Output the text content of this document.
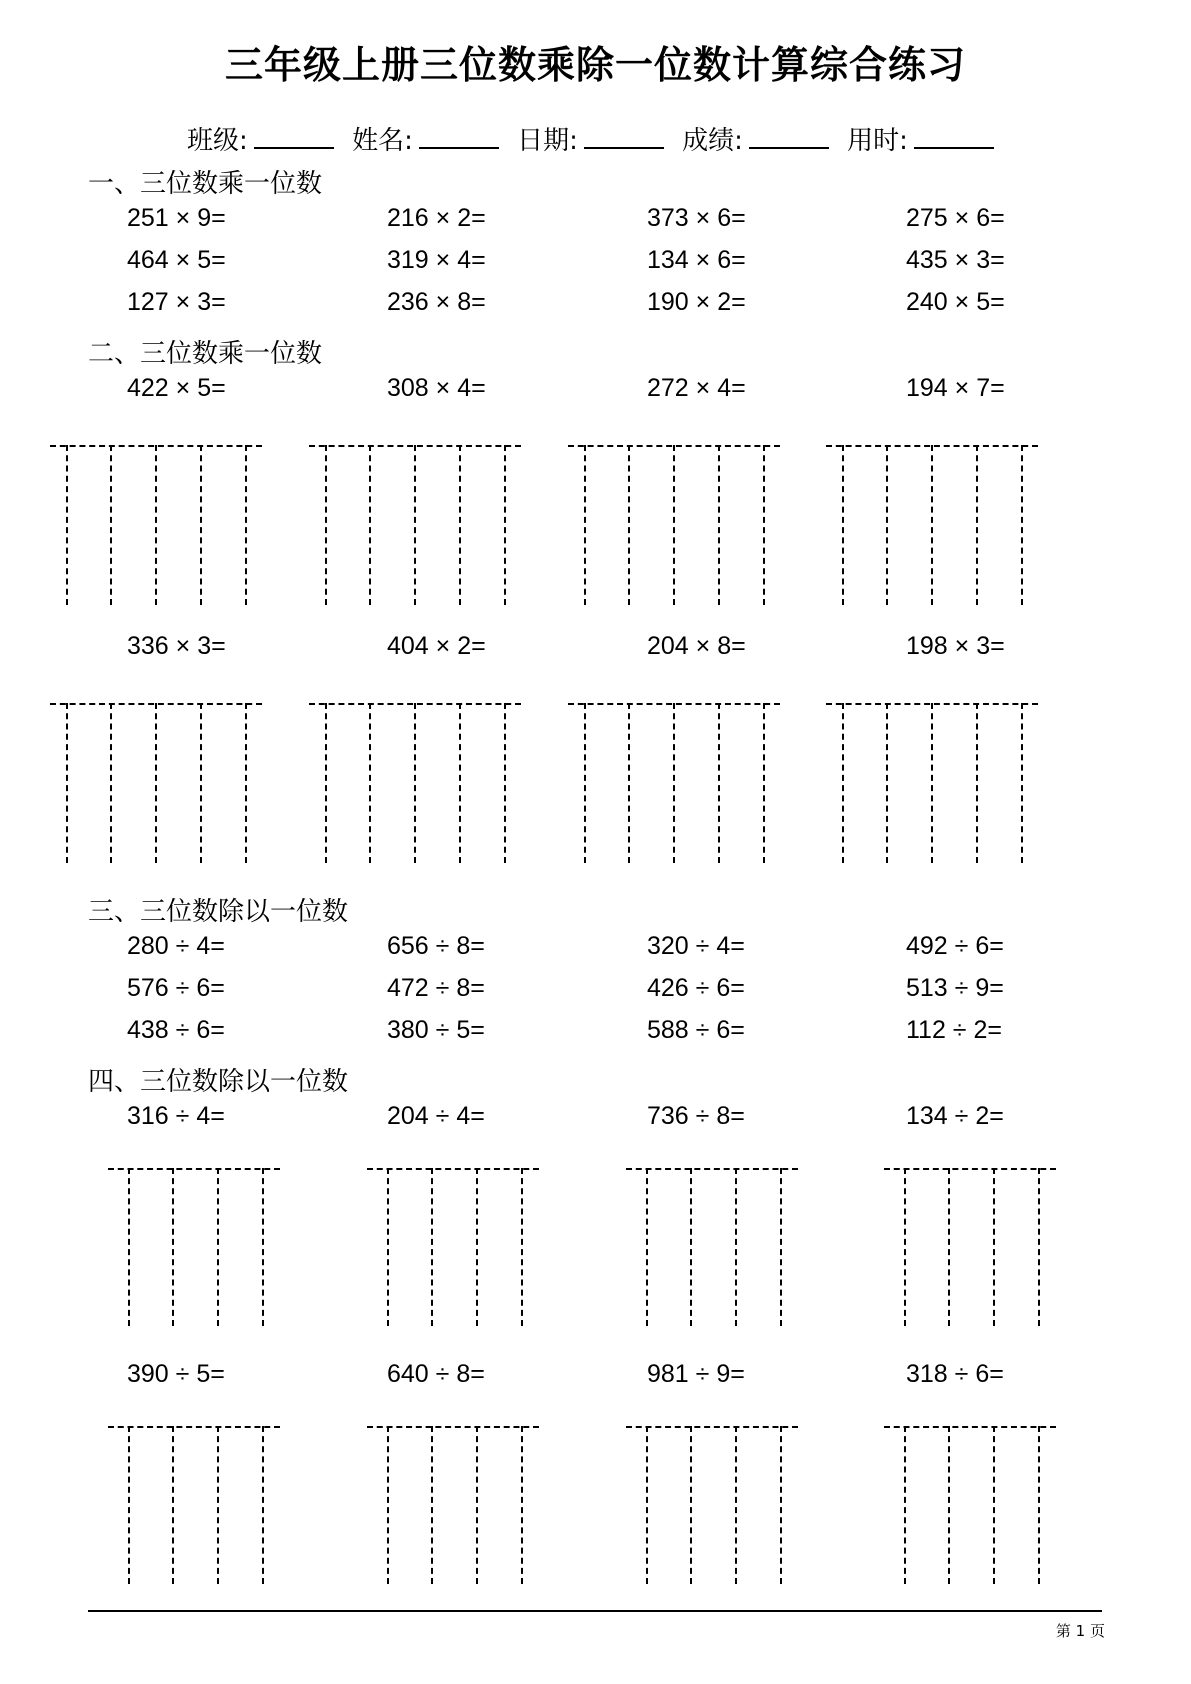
三年级上册三位数乘除一位数计算综合练习
班级:	姓名:	日期:	成绩:	用时:
一、三位数乘一位数
251 × 9=	216 × 2=	373 × 6=	275 × 6=
464 × 5=	319 × 4=	134 × 6=	435 × 3=
127 × 3=	236 × 8=	190 × 2=	240 × 5=
二、三位数乘一位数
422 × 5=	308 × 4=	272 × 4=	194 × 7=
336 × 3=	404 × 2=	204 × 8=	198 × 3=
三、三位数除以一位数
280 ÷ 4=	656 ÷ 8=	320 ÷ 4=	492 ÷ 6=
576 ÷ 6=	472 ÷ 8=	426 ÷ 6=	513 ÷ 9=
438 ÷ 6=	380 ÷ 5=	588 ÷ 6=	112 ÷ 2=
四、三位数除以一位数
316 ÷ 4=	204 ÷ 4=	736 ÷ 8=	134 ÷ 2=
390 ÷ 5=	640 ÷ 8=	981 ÷ 9=	318 ÷ 6=
第 1 页
